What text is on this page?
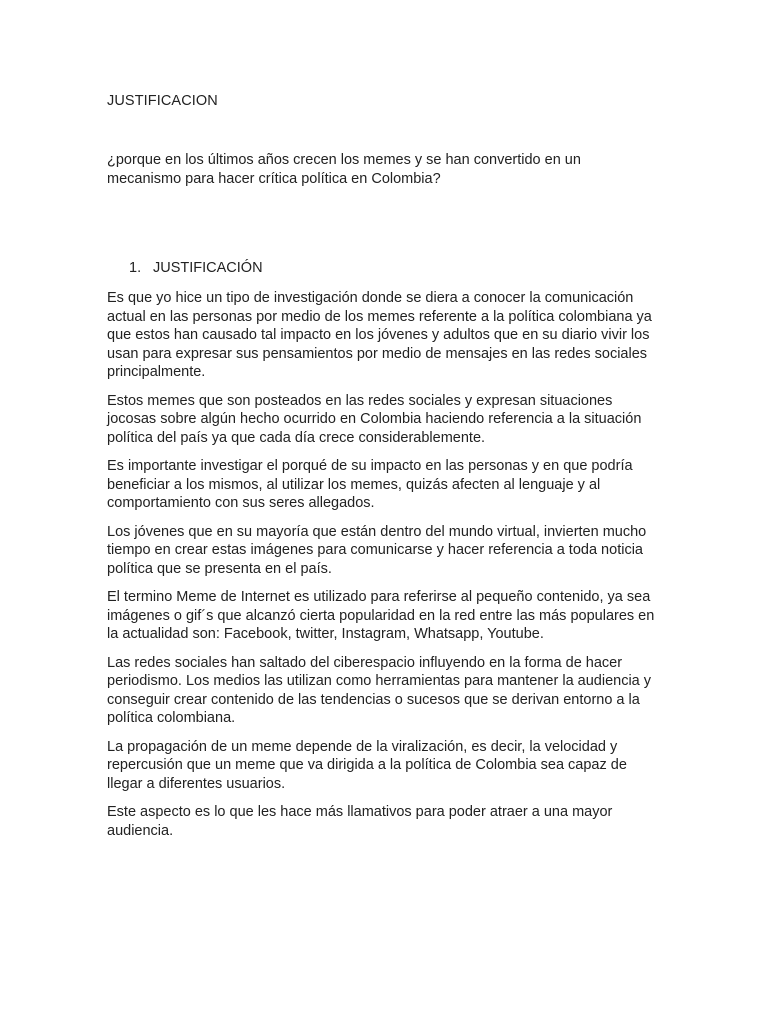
JUSTIFICACION

¿porque en los últimos años crecen los memes y se han convertido en un mecanismo para hacer crítica política en Colombia?

1. JUSTIFICACIÓN

Es que yo hice un tipo de investigación donde se diera a conocer la comunicación actual en las personas por medio de los memes referente a la política colombiana ya que estos han causado tal impacto en los jóvenes y adultos que en su diario vivir los usan para expresar sus pensamientos por medio de mensajes en las redes sociales principalmente.

Estos memes que son posteados en las redes sociales y expresan situaciones jocosas sobre algún hecho ocurrido en Colombia haciendo referencia a la situación política del país ya que cada día crece considerablemente.

Es importante investigar el porqué de su impacto en las personas y en que podría beneficiar a los mismos, al utilizar los memes, quizás afecten al lenguaje y al comportamiento con sus seres allegados.

Los jóvenes que en su mayoría que están dentro del mundo virtual, invierten mucho tiempo en crear estas imágenes para comunicarse y hacer referencia a toda noticia política que se presenta en el país.

El termino Meme de Internet es utilizado para referirse al pequeño contenido, ya sea imágenes o gif´s que alcanzó cierta popularidad en la red entre las más populares en la actualidad son: Facebook, twitter, Instagram, Whatsapp, Youtube.

Las redes sociales han saltado del ciberespacio influyendo en la forma de hacer periodismo. Los medios las utilizan como herramientas para mantener la audiencia y conseguir crear contenido de las tendencias o sucesos que se derivan entorno a la política colombiana.

La propagación de un meme depende de la viralización, es decir, la velocidad y repercusión que un meme que va dirigida a la política de Colombia sea capaz de llegar a diferentes usuarios.

Este aspecto es lo que les hace más llamativos para poder atraer a una mayor audiencia.
